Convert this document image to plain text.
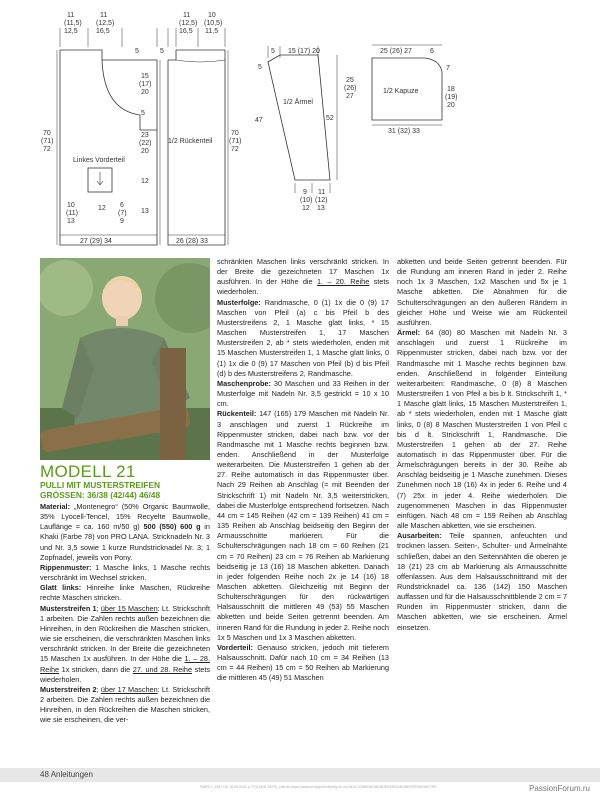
11
(11,5)
12,5
11
(12,5)
16,5
5
15
(17)
20
5
23
(22)
20
12
13
70
(71)
72
Linkes Vorderteil
12
10
(11)
13
6
(7)
9
27 (29) 34
5
11
(12,5)
16,5
10
(10,5)
11,5
1/2 Rückenteil
70
(71)
72
26 (28) 33
5 15 (17) 20
5
1/2 Ärmel
47	52
9
(10)
12
11
(12)
13
25 (26) 27	6
7
25
(26)
27
1/2 Kapuze	18
(19)
20
31 (32) 33
MODELL 21
PULLI MIT MUSTERSTREIFEN
GRÖSSEN: 36/38 (42/44) 46/48

Material: „Montenegro“ (50% Organic Baumwolle, 35% Lyocell-Tencel, 15% Recyelte Baumwolle, Lauflänge = ca. 160 m/50 g) 500 (550) 600 g in Khaki (Farbe 78) von PRO LANA. Stricknadeln Nr. 3 und Nr. 3,5 sowie 1 kurze Rundstricknadel Nr. 3; 1 Zopfnadel, jeweils von Pony.

Rippenmuster: 1 Masche links, 1 Masche rechts verschränkt im Wechsel stricken.

Glatt links: Hinreihe linke Maschen, Rückreihe rechte Maschen stricken.

Musterstreifen 1; über 15 Maschen: Lt. Strickschrift 1 arbeiten. Die Zahlen rechts außen bezeichnen die Hinreihen, in den Rückreihen die Maschen stricken, wie sie erscheinen, die verschränkten Maschen links verschränkt stricken. In der Breite die gezeichneten 15 Maschen 1x ausführen. In der Höhe die 1. – 28. Reihe 1x stricken, dann die 27. und 28. Reihe stets wiederholen.

Musterstreifen 2; über 17 Maschen: Lt. Strickschrift 2 arbeiten. Die Zahlen rechts außen bezeichnen die Hinreihen, in den Rückreihen die Maschen stricken, wie sie erscheinen, die ver-

schränkten Maschen links verschränkt stricken. In der Breite die gezeichneten 17 Maschen 1x ausführen. In der Höhe die 1. – 20. Reihe stets wiederholen.

Musterfolge: Randmasche, 0 (1) 1x die 0 (9) 17 Maschen von Pfeil (a) c bis Pfeil b des Musterstreifens 2, 1 Masche glatt links, * 15 Maschen Musterstreifen 1, 17 Maschen Musterstreifen 2, ab * stets wiederholen, enden mit 15 Maschen Musterstreifen 1, 1 Masche glatt links, 0 (1) 1x die 0 (9) 17 Maschen von Pfeil (b) d bis Pfeil (d) b des Musterstreifens 2, Randmasche.

Maschenprobe: 30 Maschen und 33 Reihen in der Musterfolge mit Nadeln Nr. 3,5 gestrickt = 10 x 10 cm.

Rückenteil: 147 (165) 179 Maschen mit Nadeln Nr. 3 anschlagen und zuerst 1 Rückreihe im Rippenmuster stricken, dabei nach bzw. vor der Randmasche mit 1 Masche rechts beginnen bzw. enden. Anschließend in der Musterfolge weiterarbeiten. Die Musterstreifen 1 gehen ab der 27. Reihe automatisch in das Rippenmuster über. Nach 29 Reihen ab Anschlag (= mit Beenden der Strickschrift 1) mit Nadeln Nr. 3,5 weiterstricken, dabei die Musterfolge entsprechend fortsetzen. Nach 44 cm = 145 Reihen (42 cm = 139 Reihen) 41 cm = 135 Reihen ab Anschlag beidseitig den Beginn der Armausschnitte markieren. Für die Schulterschrägungen nach 18 cm = 60 Reihen (21 cm = 70 Reihen) 23 cm = 76 Reihen ab Markierung beidseitig je 13 (16) 18 Maschen abketten. Danach in jeder folgenden Reihe noch 2x je 14 (16) 18 Maschen abketten. Gleichzeitig mit Beginn der Schulterschrägungen für den rückwärtigen Halsausschnitt die mittleren 49 (53) 55 Maschen abketten und beide Seiten getrennt beenden. Am inneren Rand für die Rundung in jeder 2. Reihe noch 1x 5 Maschen und 1x 3 Maschen abketten.

Vorderteil: Genauso stricken, jedoch mit tieferem Halsausschnitt. Dafür nach 10 cm = 34 Reihen (13 cm = 44 Reihen) 15 cm = 50 Reihen ab Markierung die mittleren 45 (49) 51 Maschen

abketten und beide Seiten getrennt beenden. Für die Rundung am inneren Rand in jeder 2. Reihe noch 1x 3 Maschen, 1x2 Maschen und 5x je 1 Masche abketten. Die Abnahmen für die Schulterschrägungen an den äußeren Rändern in gleicher Höhe und Weise wie am Rückenteil ausführen.

Ärmel: 64 (80) 80 Maschen mit Nadeln Nr. 3 anschlagen und zuerst 1 Rückreihe im Rippenmuster stricken, dabei nach bzw. vor der Randmasche mit 1 Masche rechts beginnen bzw. enden. Anschließend in folgender Einteilung weiterarbeiten: Randmasche, 0 (8) 8 Maschen Musterstreifen 1 von Pfeil a bis b lt. Strickschrift 1, * 1 Masche glatt links, 15 Maschen Musterstreifen 1, ab * stets wiederholen, enden mit 1 Masche glatt links, 0 (8) 8 Maschen Musterstreifen 1 von Pfeil c bis d lt. Strickschrift 1, Randmasche. Die Musterstreifen 1 gehen ab der 27. Reihe automatisch in das Rippenmuster über. Für die Ärmelschrägungen bereits in der 30. Reihe ab Anschlag beidseitig je 1 Masche zunehmen. Dieses Zunehmen noch 18 (16) 4x in jeder 6. Reihe und 4 (7) 25x in jeder 4. Reihe wiederholen. Die zugenommenen Maschen in das Rippenmuster einfügen. Nach 48 cm = 159 Reihen ab Anschlag alle Maschen abketten, wie sie erscheinen.

Ausarbeiten: Teile spannen, anfeuchten und trocknen lassen. Seiten-, Schulter- und Ärmelnähte schließen, dabei an den Seitennähten die oberen je 18 (21) 23 cm ab Markierung als Armausschnitte offenlassen. Aus dem Halsausschnittrand mit der Rundstricknadel ca. 136 (142) 150 Maschen auffassen und für die Halsausschnittblende 2 cm = 7 Runden im Rippenmuster stricken, dann die Maschen abketten, wie sie erscheinen. Ärmel einsetzen.

48 Anleitungen
SIMPLY_KNIT DE 18.05.2024 s. P.OLDEN.SEITE_Hsk-kn-https://www.simplyknit.de/p/lg-do.vor-Bi-it-COMBONONENDERKRONENNENTERMONETER	PassionForum.ru
